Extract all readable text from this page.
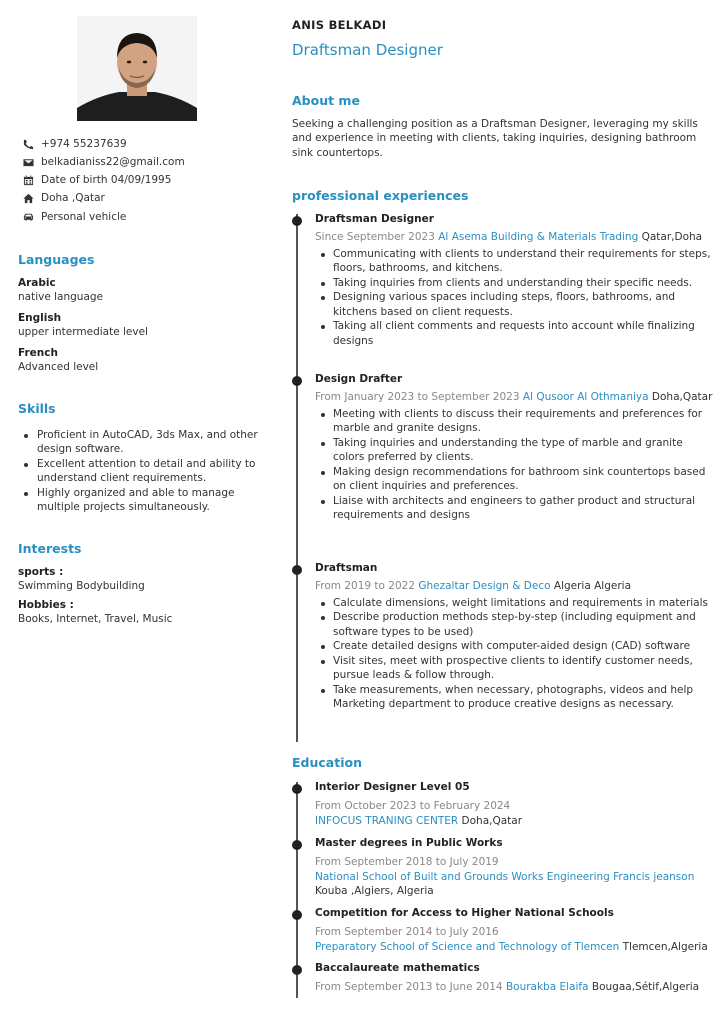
+974 55237639
belkadianiss22@gmail.com
Date of birth 04/09/1995
Doha ,Qatar
Personal vehicle
Languages
Arabic
native language
English
upper intermediate level
French
Advanced level
Skills
Proficient in AutoCAD, 3ds Max, and other design software.
Excellent attention to detail and ability to understand client requirements.
Highly organized and able to manage multiple projects simultaneously.
Interests
sports :
Swimming Bodybuilding
Hobbies :
Books, Internet, Travel, Music
ANIS BELKADI
Draftsman Designer
About me
Seeking a challenging position as a Draftsman Designer, leveraging my skills and experience in meeting with clients, taking inquiries, designing bathroom sink countertops.
professional experiences
Draftsman Designer
Since September 2023 Al Asema Building & Materials Trading Qatar,Doha
Communicating with clients to understand their requirements for steps, floors, bathrooms, and kitchens.
Taking inquiries from clients and understanding their specific needs.
Designing various spaces including steps, floors, bathrooms, and kitchens based on client requests.
Taking all client comments and requests into account while finalizing designs
Design Drafter
From January 2023 to September 2023 Al Qusoor Al Othmaniya Doha,Qatar
Meeting with clients to discuss their requirements and preferences for marble and granite designs.
Taking inquiries and understanding the type of marble and granite colors preferred by clients.
Making design recommendations for bathroom sink countertops based on client inquiries and preferences.
Liaise with architects and engineers to gather product and structural requirements and designs
Draftsman
From 2019 to 2022 Ghezaltar Design & Deco Algeria Algeria
Calculate dimensions, weight limitations and requirements in materials
Describe production methods step-by-step (including equipment and software types to be used)
Create detailed designs with computer-aided design (CAD) software
Visit sites, meet with prospective clients to identify customer needs, pursue leads & follow through.
Take measurements, when necessary, photographs, videos and help Marketing department to produce creative designs as necessary.
Education
Interior Designer Level 05
From October 2023 to February 2024
INFOCUS TRANING CENTER Doha,Qatar
Master degrees in Public Works
From September 2018 to July 2019
National School of Built and Grounds Works Engineering Francis jeanson
Kouba ,Algiers, Algeria
Competition for Access to Higher National Schools
From September 2014 to July 2016
Preparatory School of Science and Technology of Tlemcen Tlemcen,Algeria
Baccalaureate mathematics
From September 2013 to June 2014 Bourakba Elaifa Bougaa,Sétif,Algeria
